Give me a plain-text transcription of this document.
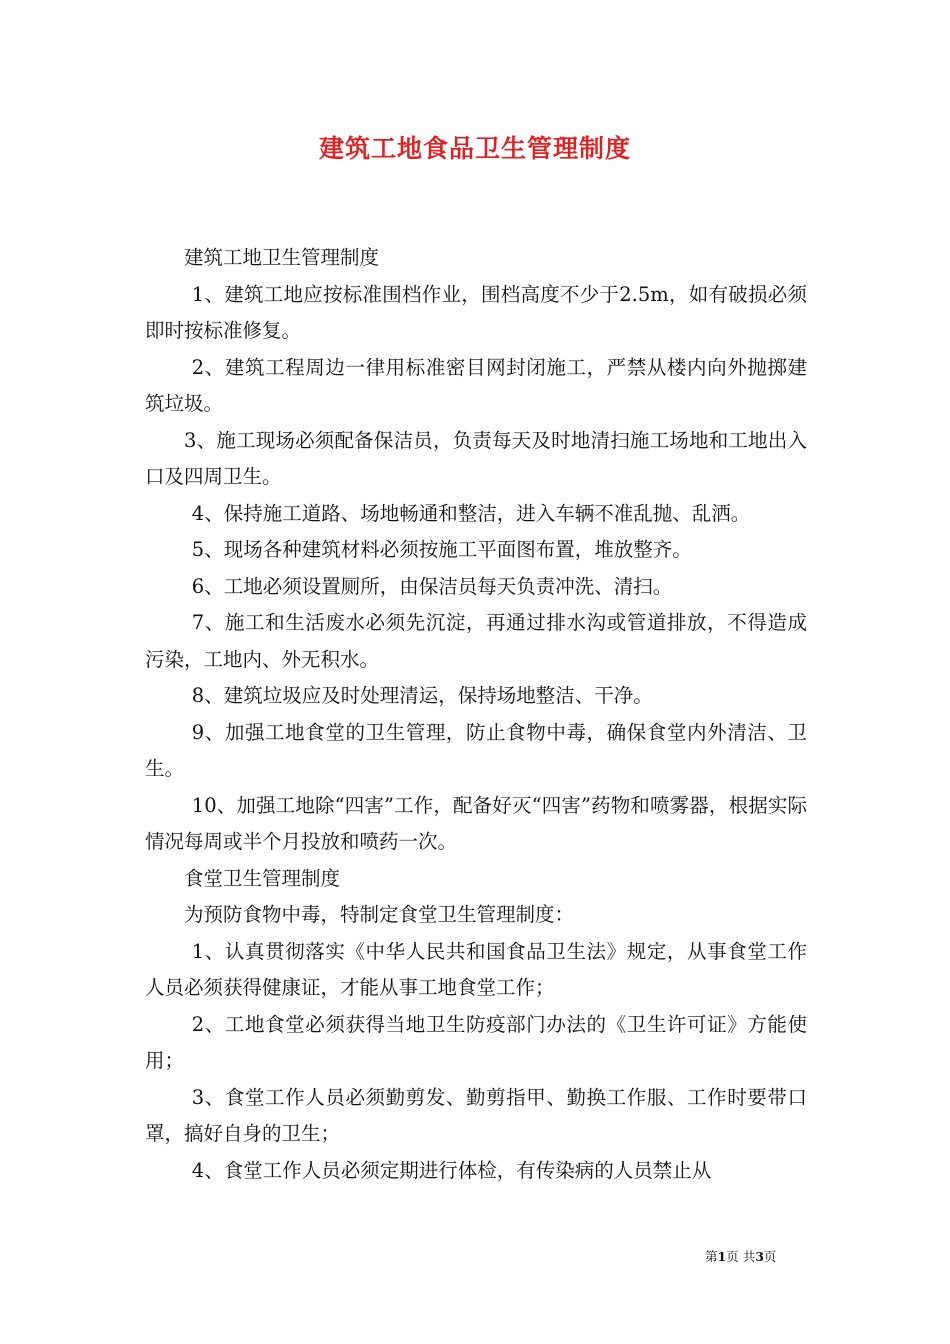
建筑工地食品卫生管理制度

建筑工地卫生管理制度

1、建筑工地应按标准围档作业，围档高度不少于2.5m，如有破损必须即时按标准修复。

2、建筑工程周边一律用标准密目网封闭施工，严禁从楼内向外抛掷建筑垃圾。

3、施工现场必须配备保洁员，负责每天及时地清扫施工场地和工地出入口及四周卫生。

4、保持施工道路、场地畅通和整洁，进入车辆不准乱抛、乱洒。

5、现场各种建筑材料必须按施工平面图布置，堆放整齐。

6、工地必须设置厕所，由保洁员每天负责冲洗、清扫。

7、施工和生活废水必须先沉淀，再通过排水沟或管道排放，不得造成污染，工地内、外无积水。

8、建筑垃圾应及时处理清运，保持场地整洁、干净。

9、加强工地食堂的卫生管理，防止食物中毒，确保食堂内外清洁、卫生。

10、加强工地除“四害”工作，配备好灭“四害”药物和喷雾器，根据实际情况每周或半个月投放和喷药一次。

食堂卫生管理制度

为预防食物中毒，特制定食堂卫生管理制度：

1、认真贯彻落实《中华人民共和国食品卫生法》规定，从事食堂工作人员必须获得健康证，才能从事工地食堂工作；

2、工地食堂必须获得当地卫生防疫部门办法的《卫生许可证》方能使用；

3、食堂工作人员必须勤剪发、勤剪指甲、勤换工作服、工作时要带口罩，搞好自身的卫生；

4、食堂工作人员必须定期进行体检，有传染病的人员禁止从

第1页 共3页
